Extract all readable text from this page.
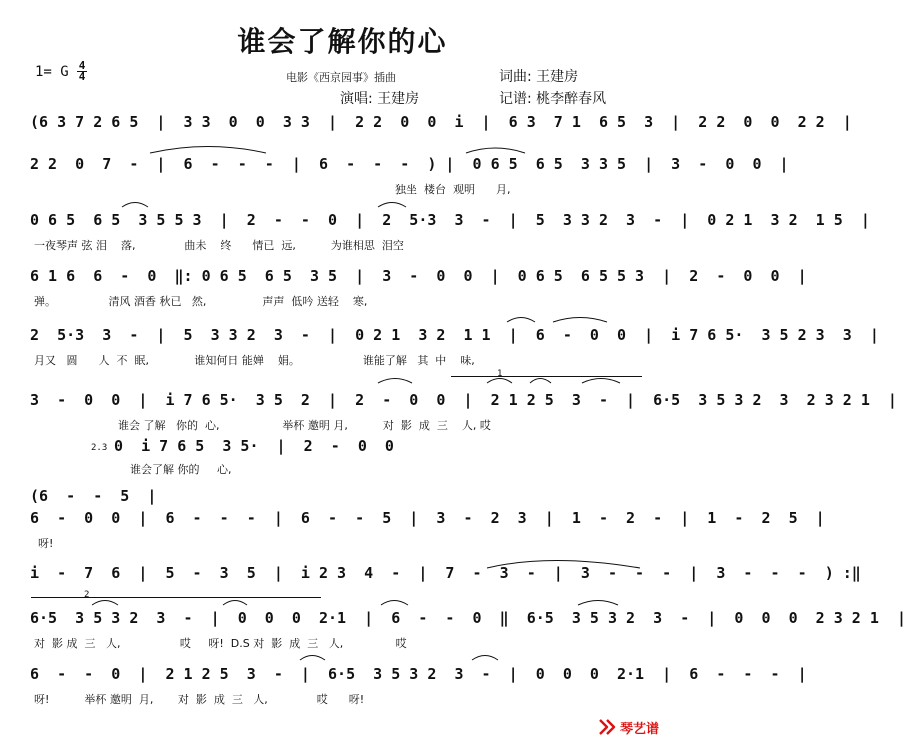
谁会了解你的心
1= G 4
4	电影《西京园事》插曲	词曲: 王建房
演唱: 王建房	记谱: 桃李醉春风
(6 3 7 2 6 5  |  3 3  0  0  3 3  |  2 2  0  0  i  |  6 3  7 1  6 5  3  |  2 2  0  0  2 2  |
2 2  0  7  -  |  6  -  -  -  |  6  -  -  -  ) |  0 6 5  6 5  3 3 5  |  3  -  0  0  |
独坐  楼台  观明      月,
0 6 5  6 5  3 5 5 3  |  2  -  -  0  |  2  5·3  3  -  |  5  3 3 2  3  -  |  0 2 1  3 2  1 5  |
一夜琴声 弦 泪    落,              曲未    终      情已  远,          为谁相思  泪空
6 1 6  6  -  0  ‖: 0 6 5  6 5  3 5  |  3  -  0  0  |  0 6 5  6 5 5 3  |  2  -  0  0  |
弹。               清风 酒香 秋已   然,                声声  低吟 送轻    寒,
2  5·3  3  -  |  5  3 3 2  3  -  |  0 2 1  3 2  1 1  |  6  -  0  0  |  i 7 6 5·  3 5 2 3  3  |
月又   圆      人  不  眠,             谁知何日 能婵    娟。                  谁能了解   其  中    味,
1
3  -  0  0  |  i 7 6 5·  3 5  2  |  2  -  0  0  |  2 1 2 5  3  -  |  6·5  3 5 3 2  3  2 3 2 1  |
谁会 了解   你的  心,                  举杯 邀明 月,          对  影  成  三    人, 哎
2.3 0  i 7 6 5  3 5·  |  2  -  0  0
谁会了解 你的     心,
(6  -  -  5  |
6  -  0  0  |  6  -  -  -  |  6  -  -  5  |  3  -  2  3  |  1  -  2  -  |  1  -  2  5  |
呀!
i  -  7  6  |  5  -  3  5  |  i 2 3  4  -  |  7  -  3  -  |  3  -  -  -  |  3  -  -  -  ) :‖
2
6·5  3 5 3 2  3  -  |  0  0  0  2·1  |  6  -  -  0  ‖  6·5  3 5 3 2  3  -  |  0  0  0  2 3 2 1  |
对  影 成  三   人,                 哎     呀!  D.S 对  影  成  三   人,               哎
6  -  -  0  |  2 1 2 5  3  -  |  6·5  3 5 3 2  3  -  |  0  0  0  2·1  |  6  -  -  -  |
呀!          举杯 邀明  月,       对  影  成  三   人,              哎      呀!
琴艺谱
